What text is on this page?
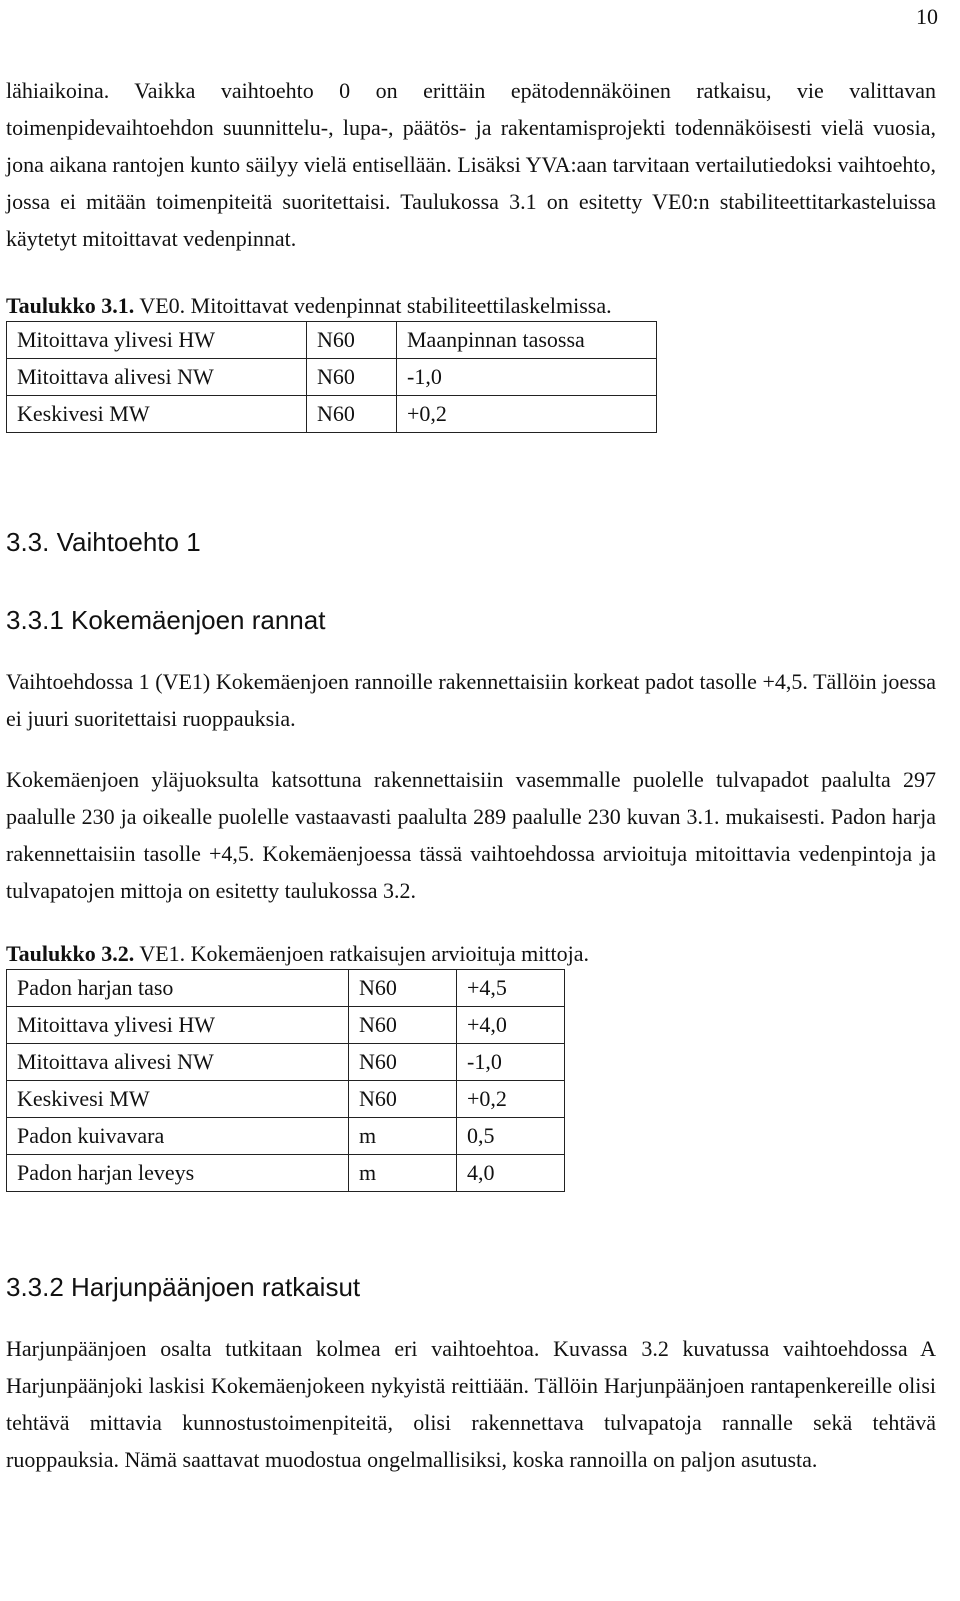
10

lähiaikoina. Vaikka vaihtoehto 0 on erittäin epätodennäköinen ratkaisu, vie valittavan toimenpidevaihtoehdon suunnittelu-, lupa-, päätös- ja rakentamisprojekti todennäköisesti vielä vuosia, jona aikana rantojen kunto säilyy vielä entisellään. Lisäksi YVA:aan tarvitaan vertailutiedoksi vaihtoehto, jossa ei mitään toimenpiteitä suoritettaisi. Taulukossa 3.1 on esitetty VE0:n stabiliteettitarkasteluissa käytetyt mitoittavat vedenpinnat.

Taulukko 3.1. VE0. Mitoittavat vedenpinnat stabiliteettilaskelmissa.

Mitoittava ylivesi HW	N60	Maanpinnan tasossa
Mitoittava alivesi NW	N60	-1,0
Keskivesi MW	N60	+0,2
3.3. Vaihtoehto 1
3.3.1 Kokemäenjoen rannat

Vaihtoehdossa 1 (VE1) Kokemäenjoen rannoille rakennettaisiin korkeat padot tasolle +4,5. Tällöin joessa ei juuri suoritettaisi ruoppauksia.

Kokemäenjoen yläjuoksulta katsottuna rakennettaisiin vasemmalle puolelle tulvapadot paalulta 297 paalulle 230 ja oikealle puolelle vastaavasti paalulta 289 paalulle 230 kuvan 3.1. mukaisesti. Padon harja rakennettaisiin tasolle +4,5. Kokemäenjoessa tässä vaihtoehdossa arvioituja mitoittavia vedenpintoja ja tulvapatojen mittoja on esitetty taulukossa 3.2.

Taulukko 3.2. VE1. Kokemäenjoen ratkaisujen arvioituja mittoja.

Padon harjan taso	N60	+4,5
Mitoittava ylivesi HW	N60	+4,0
Mitoittava alivesi NW	N60	-1,0
Keskivesi MW	N60	+0,2
Padon kuivavara	m	0,5
Padon harjan leveys	m	4,0
3.3.2 Harjunpäänjoen ratkaisut

Harjunpäänjoen osalta tutkitaan kolmea eri vaihtoehtoa. Kuvassa 3.2 kuvatussa vaihtoehdossa A Harjunpäänjoki laskisi Kokemäenjokeen nykyistä reittiään. Tällöin Harjunpäänjoen rantapenkereille olisi tehtävä mittavia kunnostustoimenpiteitä, olisi rakennettava tulvapatoja rannalle sekä tehtävä ruoppauksia. Nämä saattavat muodostua ongelmallisiksi, koska rannoilla on paljon asutusta.
